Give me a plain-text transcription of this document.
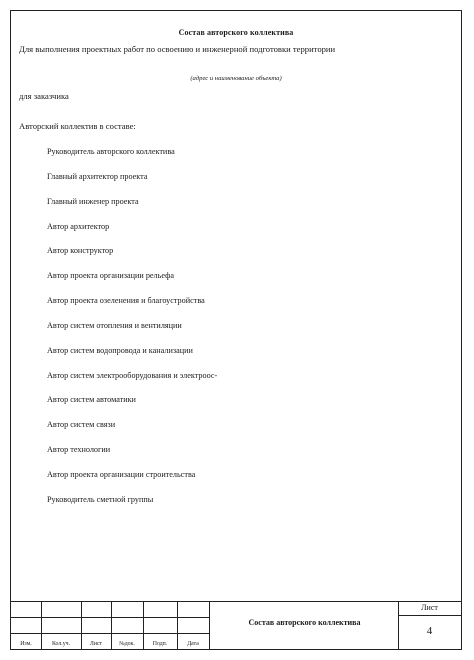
Состав авторского коллектива
Для выполнения проектных работ по освоению и инженерной подготовки территории
(адрес и наименование объекта)
для заказчика
Авторский коллектив в составе:
Руководитель авторского коллектива
Главный архитектор проекта
Главный инженер проекта
Автор архитектор
Автор конструктор
Автор проекта организации рельефа
Автор проекта озеленения и благоустройства
Автор систем отопления и вентиляции
Автор систем водопровода и канализации
Автор систем электрооборудования и электроос-
Автор систем автоматики
Автор систем связи
Автор технологии
Автор проекта организации строительства
Руководитель сметной группы
Изм.	Кол.уч.	Лист	№док.	Подп.	Дата
Состав авторского коллектива
Лист
4
